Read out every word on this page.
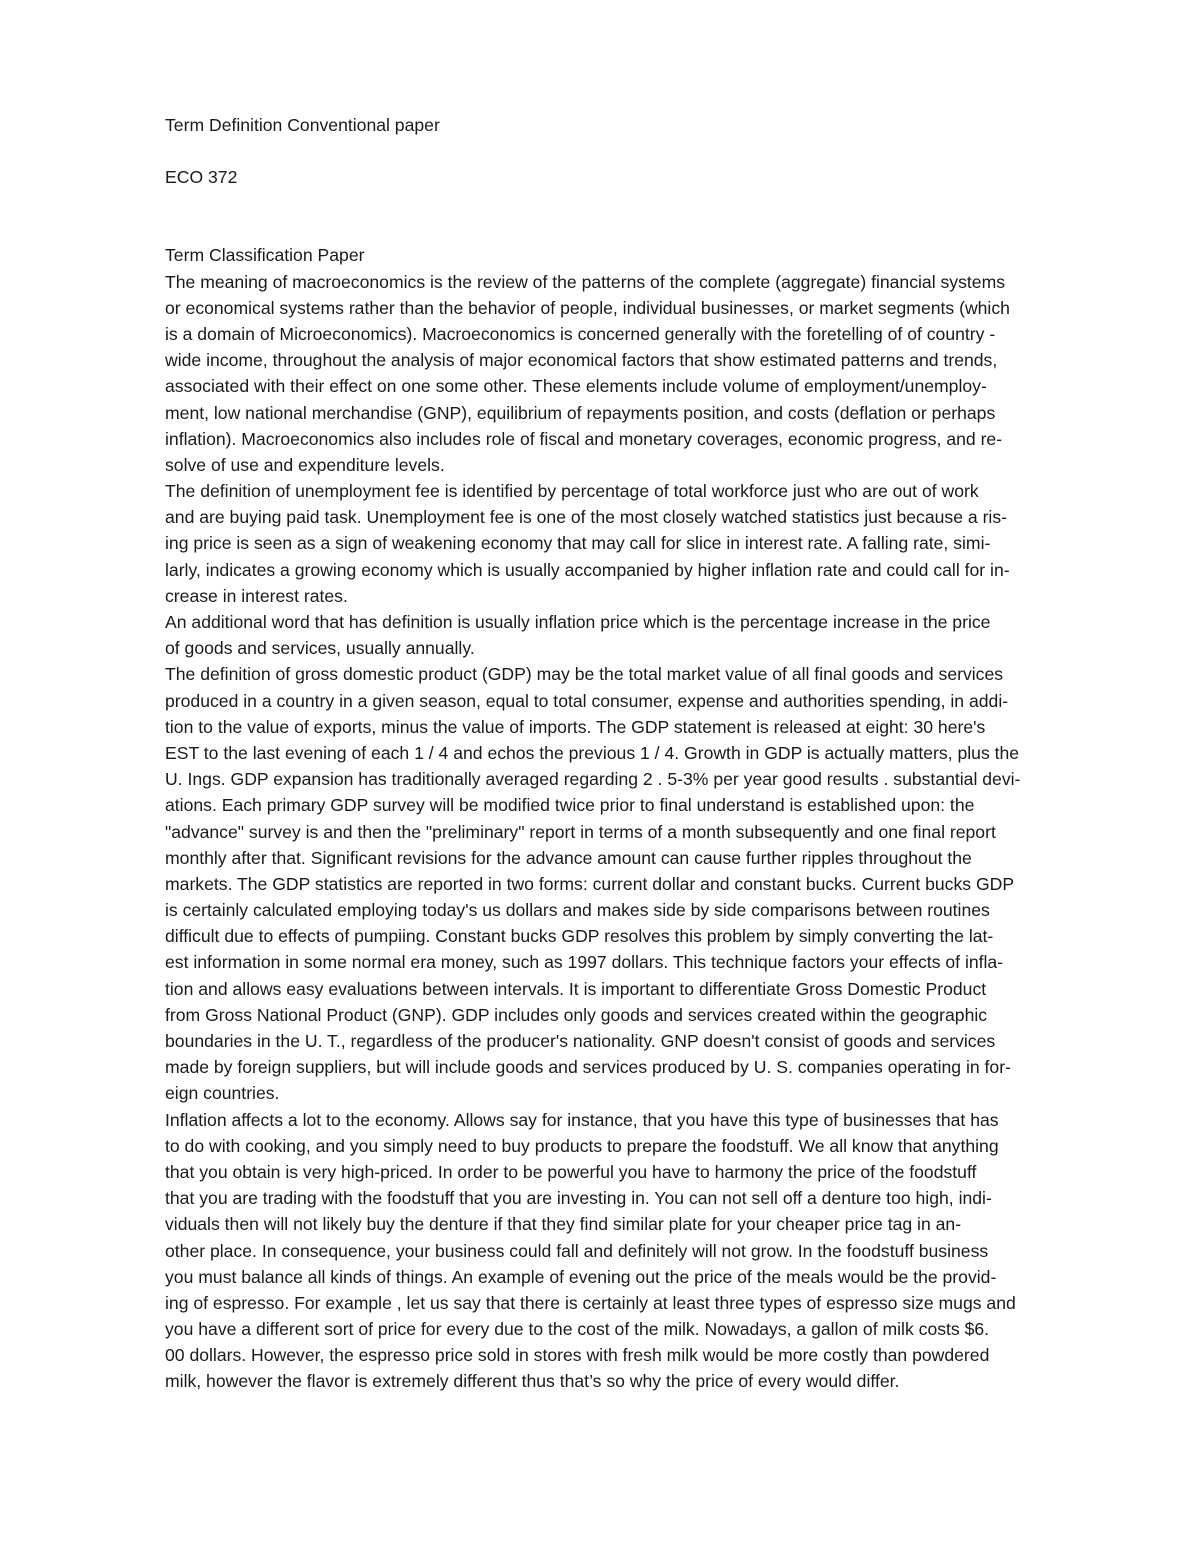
Term Definition Conventional paper
ECO 372
Term Classification Paper
The meaning of macroeconomics is the review of the patterns of the complete (aggregate) financial systems
or economical systems rather than the behavior of people, individual businesses, or market segments (which
is a domain of Microeconomics). Macroeconomics is concerned generally with the foretelling of of country -
wide income, throughout the analysis of major economical factors that show estimated patterns and trends,
associated with their effect on one some other. These elements include volume of employment/unemploy-
ment, low national merchandise (GNP), equilibrium of repayments position, and costs (deflation or perhaps
inflation). Macroeconomics also includes role of fiscal and monetary coverages, economic progress, and re-
solve of use and expenditure levels.
The definition of unemployment fee is identified by percentage of total workforce just who are out of work
and are buying paid task. Unemployment fee is one of the most closely watched statistics just because a ris-
ing price is seen as a sign of weakening economy that may call for slice in interest rate. A falling rate, simi-
larly, indicates a growing economy which is usually accompanied by higher inflation rate and could call for in-
crease in interest rates.
An additional word that has definition is usually inflation price which is the percentage increase in the price
of goods and services, usually annually.
The definition of gross domestic product (GDP) may be the total market value of all final goods and services
produced in a country in a given season, equal to total consumer, expense and authorities spending, in addi-
tion to the value of exports, minus the value of imports. The GDP statement is released at eight: 30 here's
EST to the last evening of each 1 / 4 and echos the previous 1 / 4. Growth in GDP is actually matters, plus the
U. Ings. GDP expansion has traditionally averaged regarding 2 . 5-3% per year good results . substantial devi-
ations. Each primary GDP survey will be modified twice prior to final understand is established upon: the
"advance" survey is and then the "preliminary" report in terms of a month subsequently and one final report
monthly after that. Significant revisions for the advance amount can cause further ripples throughout the
markets. The GDP statistics are reported in two forms: current dollar and constant bucks. Current bucks GDP
is certainly calculated employing today's us dollars and makes side by side comparisons between routines
difficult due to effects of pumpiing. Constant bucks GDP resolves this problem by simply converting the lat-
est information in some normal era money, such as 1997 dollars. This technique factors your effects of infla-
tion and allows easy evaluations between intervals. It is important to differentiate Gross Domestic Product
from Gross National Product (GNP). GDP includes only goods and services created within the geographic
boundaries in the U. T., regardless of the producer's nationality. GNP doesn't consist of goods and services
made by foreign suppliers, but will include goods and services produced by U. S. companies operating in for-
eign countries.
Inflation affects a lot to the economy. Allows say for instance, that you have this type of businesses that has
to do with cooking, and you simply need to buy products to prepare the foodstuff. We all know that anything
that you obtain is very high-priced. In order to be powerful you have to harmony the price of the foodstuff
that you are trading with the foodstuff that you are investing in. You can not sell off a denture too high, indi-
viduals then will not likely buy the denture if that they find similar plate for your cheaper price tag in an-
other place. In consequence, your business could fall and definitely will not grow. In the foodstuff business
you must balance all kinds of things. An example of evening out the price of the meals would be the provid-
ing of espresso. For example , let us say that there is certainly at least three types of espresso size mugs and
you have a different sort of price for every due to the cost of the milk. Nowadays, a gallon of milk costs $6.
00 dollars. However, the espresso price sold in stores with fresh milk would be more costly than powdered
milk, however the flavor is extremely different thus that’s so why the price of every would differ.
